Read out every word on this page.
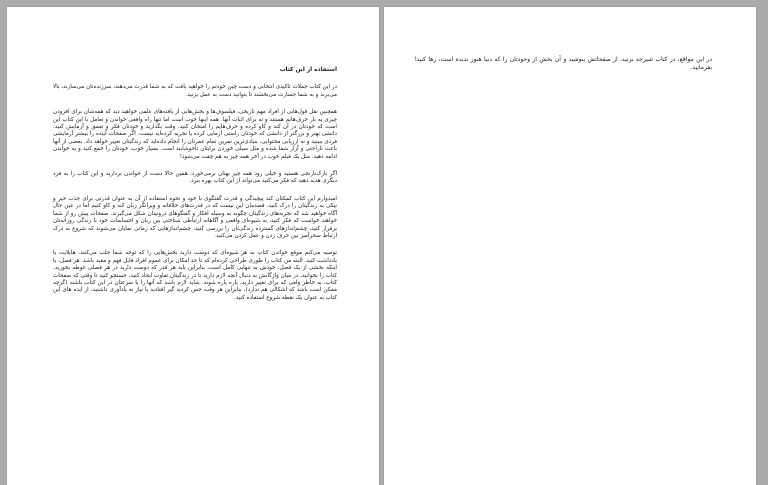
استفاده از این کتاب

در این کتاب جملات تاکیدی انتخابی و دست چین خودتم را خواهید یافت که به شما قدرت می‌دهند، سرزنده‌تان می‌سازند، بالا می‌برند و به شما جسارت می‌بخشند تا بتوانید دست به عمل بزنید.

همچنین نقل قول‌هایی از افراد مهم تاریخی، فیلسوف‌ها و بخش‌هایی از یافته‌های علمی خواهید دید که همه‌شان برای افزودن چیزی به بار حرف‌هایم هستند و نه برای اثبات آنها. همه اینها خوب است اما تنها راه واقعی خواندن و تعامل با این کتاب این است که خودتان در آن کند و کاو کرده و حرف‌هایم را امتحان کنید. وقت بگذارید و خودتان فکر و تعمق و آزمایش کنید. دانشی بهتر و بزرگتر از دانشی که خودتان راستی آزمایی کرده یا تجربه کرده‌اید نیست. اگر صفحات آینده را بیشتر آزمایشی فردی ببینید و نه ارزیابی محتوایی، بنیادی‌ترین تمرین تمام عمرتان را انجام داده‌اید که زندگیتان تغییر خواهد داد. بعضی از آنها باعث ناراحتی و آزار شما شده و مثل سیلی خوردن برایتان ناخوشایند است. بسیار خوب، خودتان را جمع کنید و به خواندن ادامه دهید. مثل یک فیلم خوب در آخر همه چیز به هم چفت می‌شود!

اگر نازک‌نارنجی هستید و خیلی زود همه چیز بهتان برمی‌خورد، همین حالا دست از خواندن بردارید و این کتاب را به فرد دیگری هدیه دهید که فکر می‌کنید می‌تواند از این کتاب بهره ببرد.

امیدوارم این کتاب کمکتان کند پیچیدگی و قدرت گفتگوی با خود و نحوه استفاده از آن به عنوان قدرتی برای جذب خیر و نیکی به زندگیتان را درک کنید. قصدمان این نیست که در قدرت‌های خلاقانه و ویرانگر زبان کند و کاو کنیم اما در عین حال آگاه خواهید شد که تجربه‌های زندگیتان چگونه به وسیله افکار و گفتگوهای درونیتان شکل می‌گیرند. صفحات پیش رو از شما خواهند خواست که فکر کنید، به شیوه‌ای واقعی و آگاهانه ارتباطی شناختی بین زبان و احساسات خود با زندگی روزانه‌تان برقرار کنید، چشم‌اندازهای گسترده زندگی‌تان را بررسی کنید، چشم‌اندازهایی که زمانی نمایان می‌شوند که شروع به درک ارتباط سحرآمیز بین حرف زدن و عمل کردن می‌کنید.

توصیه می‌کنم موقع خواندن کتاب به هر شیوه‌ای که دوست دارید بخش‌هایی را که توجه شما جلب می‌کنند، هایلایت یا یادداشت کنید. البته من کتاب را طوری طراحی کرده‌ام که تا حد امکان برای عموم افراد قابل فهم و مفید باشد. هر فصل، یا اینکه بخشی از یک فصل، خودش به تنهایی کامل است، بنابراین باید هر قدر که دوست دارید در هر فصلی غوطه بخورید. کتاب را بخوانید، در میان واژگانش به دنبال آنچه لازم دارید تا در زندگیتان تفاوت ایجاد کنید، جستجو کنید تا وقتی که صفحات کتاب، به خاطر ولعی که برای تغییر دارید، پاره پاره شوند. شاید لازم باشد که آنها را با سرعتان در این کتاب باشند (گرچه ممکن است باشد که اشکالی هم ندارد)، بنابراین هر وقت حس کردید گیر افتادید یا نیاز به یادآوری داشتید، از ایده های این کتاب به عنوان یک نقطه شروع استفاده کنید.

در این مواقع، در کتاب شیرجه بزنید، از صفحاتش بنوشید و آن بخش از وجودتان را که دنیا هنوز ندیده است، رها کنید! بفرمایید.
